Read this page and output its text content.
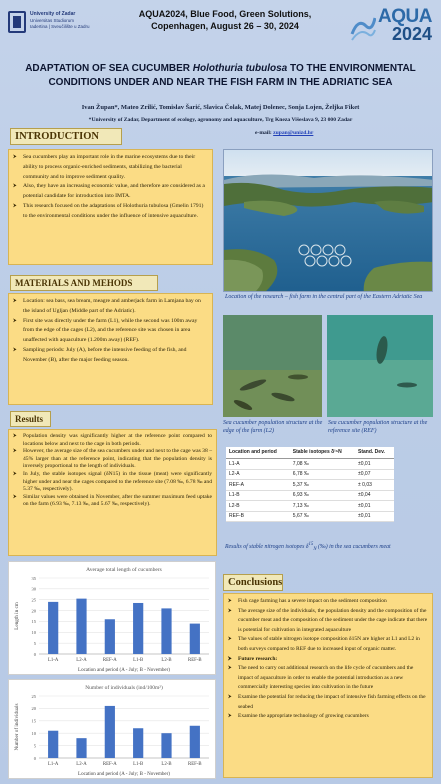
University of Zadar
Universitas Studiorum
Iadertina | Sveučilište u Zadru
AQUA2024, Blue Food, Green Solutions,
Copenhagen, August 26 – 30, 2024	AQUA
2024
ADAPTATION OF SEA CUCUMBER Holothuria tubulosa TO THE ENVIRONMENTAL CONDITIONS UNDER AND NEAR THE FISH FARM IN THE ADRIATIC SEA
Ivan Župan*, Mateo Zrilić, Tomislav Šarić, Slavica Čolak, Matej Dolenec, Sonja Lojen, Željka Fiket
*University of Zadar, Department of ecology, agronomy and aquaculture, Trg Kneza Višeslava 9, 23 000 Zadar
e-mail: zupan@unizd.hr
INTRODUCTION
⮞ Sea cucumbers play an important role in the marine ecosystems due to their ability to process organic-enriched sediments, stabilizing the bacterial community and to improve sediment quality.
⮞ Also, they have an increasing economic value, and therefore are considered as a potential candidate for introduction into IMTA.
⮞ This research focused on the adaptations of Holothuria tubulosa (Gmelin 1791) to the environmental conditions under the influence of intensive aquaculture.
MATERIALS AND MEHODS
⮞ Location: sea bass, sea bream, meagre and amberjack farm in Lamjana bay on the island of Ugljan (Middle part of the Adriatic).
⮞ First site was directly under the farm (L1), while the second was 100m away from the edge of the cages (L2), and the reference site was chosen in area unaffected with aquaculture (1.200m away) (REF).
⮞ Sampling periods: July (A), before the intensive feeding of the fish, and November (B), after the major feeding season.
Results
⮞ Population density was significantly higher at the reference point compared to locations below and next to the cage in both periods.
⮞ However, the average size of the sea cucumbers under and next to the cage was 38 – 45% larger than at the reference point, indicating that the population density is inversely proportional to the length of individuals.
⮞ In July, the stable isotopes signal (δN15) in the tissue (meat) were significantly higher under and near the cages compared to the reference site (7.08 ‰, 6.78 ‰ and 5.37 ‰, respectively).
⮞ Similar values were obtained in November, after the summer maximum feed uptake on the farm (6.93 ‰, 7.13 ‰, and 5.67 ‰, respectively).
Location of the research – fish farm in the central part of the Eastern Adriatic Sea
Sea cucumber population structure at the edge of the farm (L2)
Sea cucumber population structure at the reference site (REF)
Location and period	Stable isotopes δ¹⁵N	Stand. Dev.
L1-A	7,08 ‰	±0,01
L2-A	6,78 ‰	±0,07
REF-A	5,37 ‰	± 0,03
L1-B	6,93 ‰	±0,04
L2-B	7,13 ‰	±0,01
REF-B	5,67 ‰	±0,01
Results of stable nitrogen isotopes $\delta^{15}_N$ (‰) in the sea cucumbers meat
Average total length of cucumbers
0
5
10
15
20
25
30
35
L1-A	L2-A	REF-A	L1-B	L2-B	REF-B
Location and period (A - July; B - November)
Length in cm
Number of individuals (ind/100m²)
0
5
10
15
20
25
L1-A	L2-A	REF-A	L1-B	L2-B	REF-B
Location and period (A - July; B - November)
Number of individuals
Conclusions
⮞ Fish cage farming has a severe impact on the sediment composition
⮞ The average size of the individuals, the population density and the composition of the cucumber meat and the composition of the sediment under the cage indicate that there is potential for cultivation in integrated aquaculture
⮞ The values of stable nitrogen isotope composition δ15N are higher at L1 and L2 in both surveys compared to REF due to increased input of organic matter.
⮞ Future research:
⮞ The need to carry out additional research on the life cycle of cucumbers and the impact of aquaculture in order to enable the potential introduction as a new commercially interesting species into cultivation in the future
⮞ Examine the potential for reducing the impact of intensive fish farming effects on the seabed
⮞ Examine the appropriate technology of growing cucumbers
